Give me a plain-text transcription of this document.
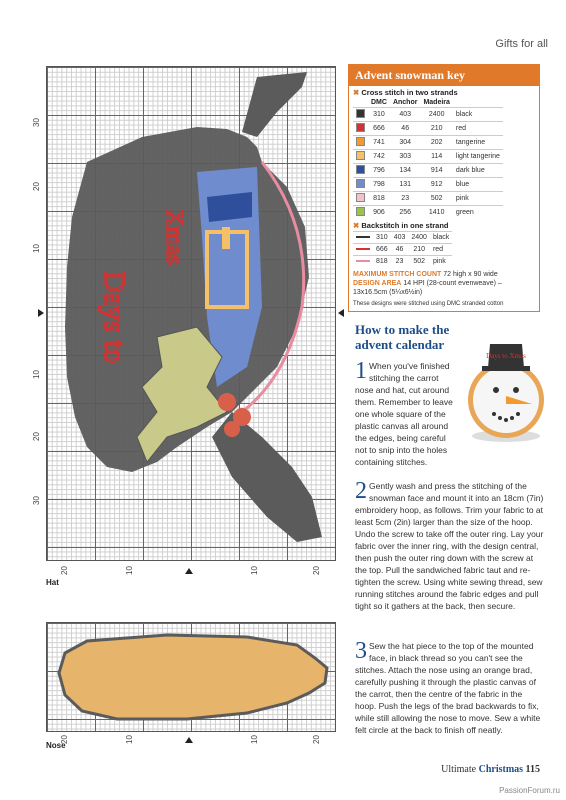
Gifts for all
Days to
Xmas
30
20
10
10
20
30
20	10	10	20
Hat
20	10	10	20
Nose
Advent snowman key
✖ Cross stitch in two strands
	DMC	Anchor	Madeira	
	310	403	2400	black
	666	46	210	red
	741	304	202	tangerine
	742	303	114	light tangerine
	796	134	914	dark blue
	798	131	912	blue
	818	23	502	pink
	906	256	1410	green
✖ Backstitch in one strand
	310	403	2400	black
	666	46	210	red
	818	23	502	pink
MAXIMUM STITCH COUNT 72 high x 90 wide
DESIGN AREA 14 HPI (28-count evenweave) – 13x16.5cm (5¼x6½in)
These designs were stitched using DMC stranded cotton
How to make the advent calendar
Days to Xmas
1 When you've finished stitching the carrot nose and hat, cut around them. Remember to leave one whole square of the plastic canvas all around the edges, being careful not to snip into the holes containing stitches.
2 Gently wash and press the stitching of the snowman face and mount it into an 18cm (7in) embroidery hoop, as follows. Trim your fabric to at least 5cm (2in) larger than the size of the hoop. Undo the screw to take off the outer ring. Lay your fabric over the inner ring, with the design central, then push the outer ring down with the screw at the top. Pull the sandwiched fabric taut and re-tighten the screw. Using white sewing thread, sew running stitches around the fabric edges and pull tight so it gathers at the back, then secure.
3 Sew the hat piece to the top of the mounted face, in black thread so you can't see the stitches. Attach the nose using an orange brad, carefully pushing it through the plastic canvas of the carrot, then the centre of the fabric in the hoop. Push the legs of the brad backwards to fix, while still allowing the nose to move. Sew a white felt circle at the back to finish off neatly.
Ultimate Christmas 115
PassionForum.ru
